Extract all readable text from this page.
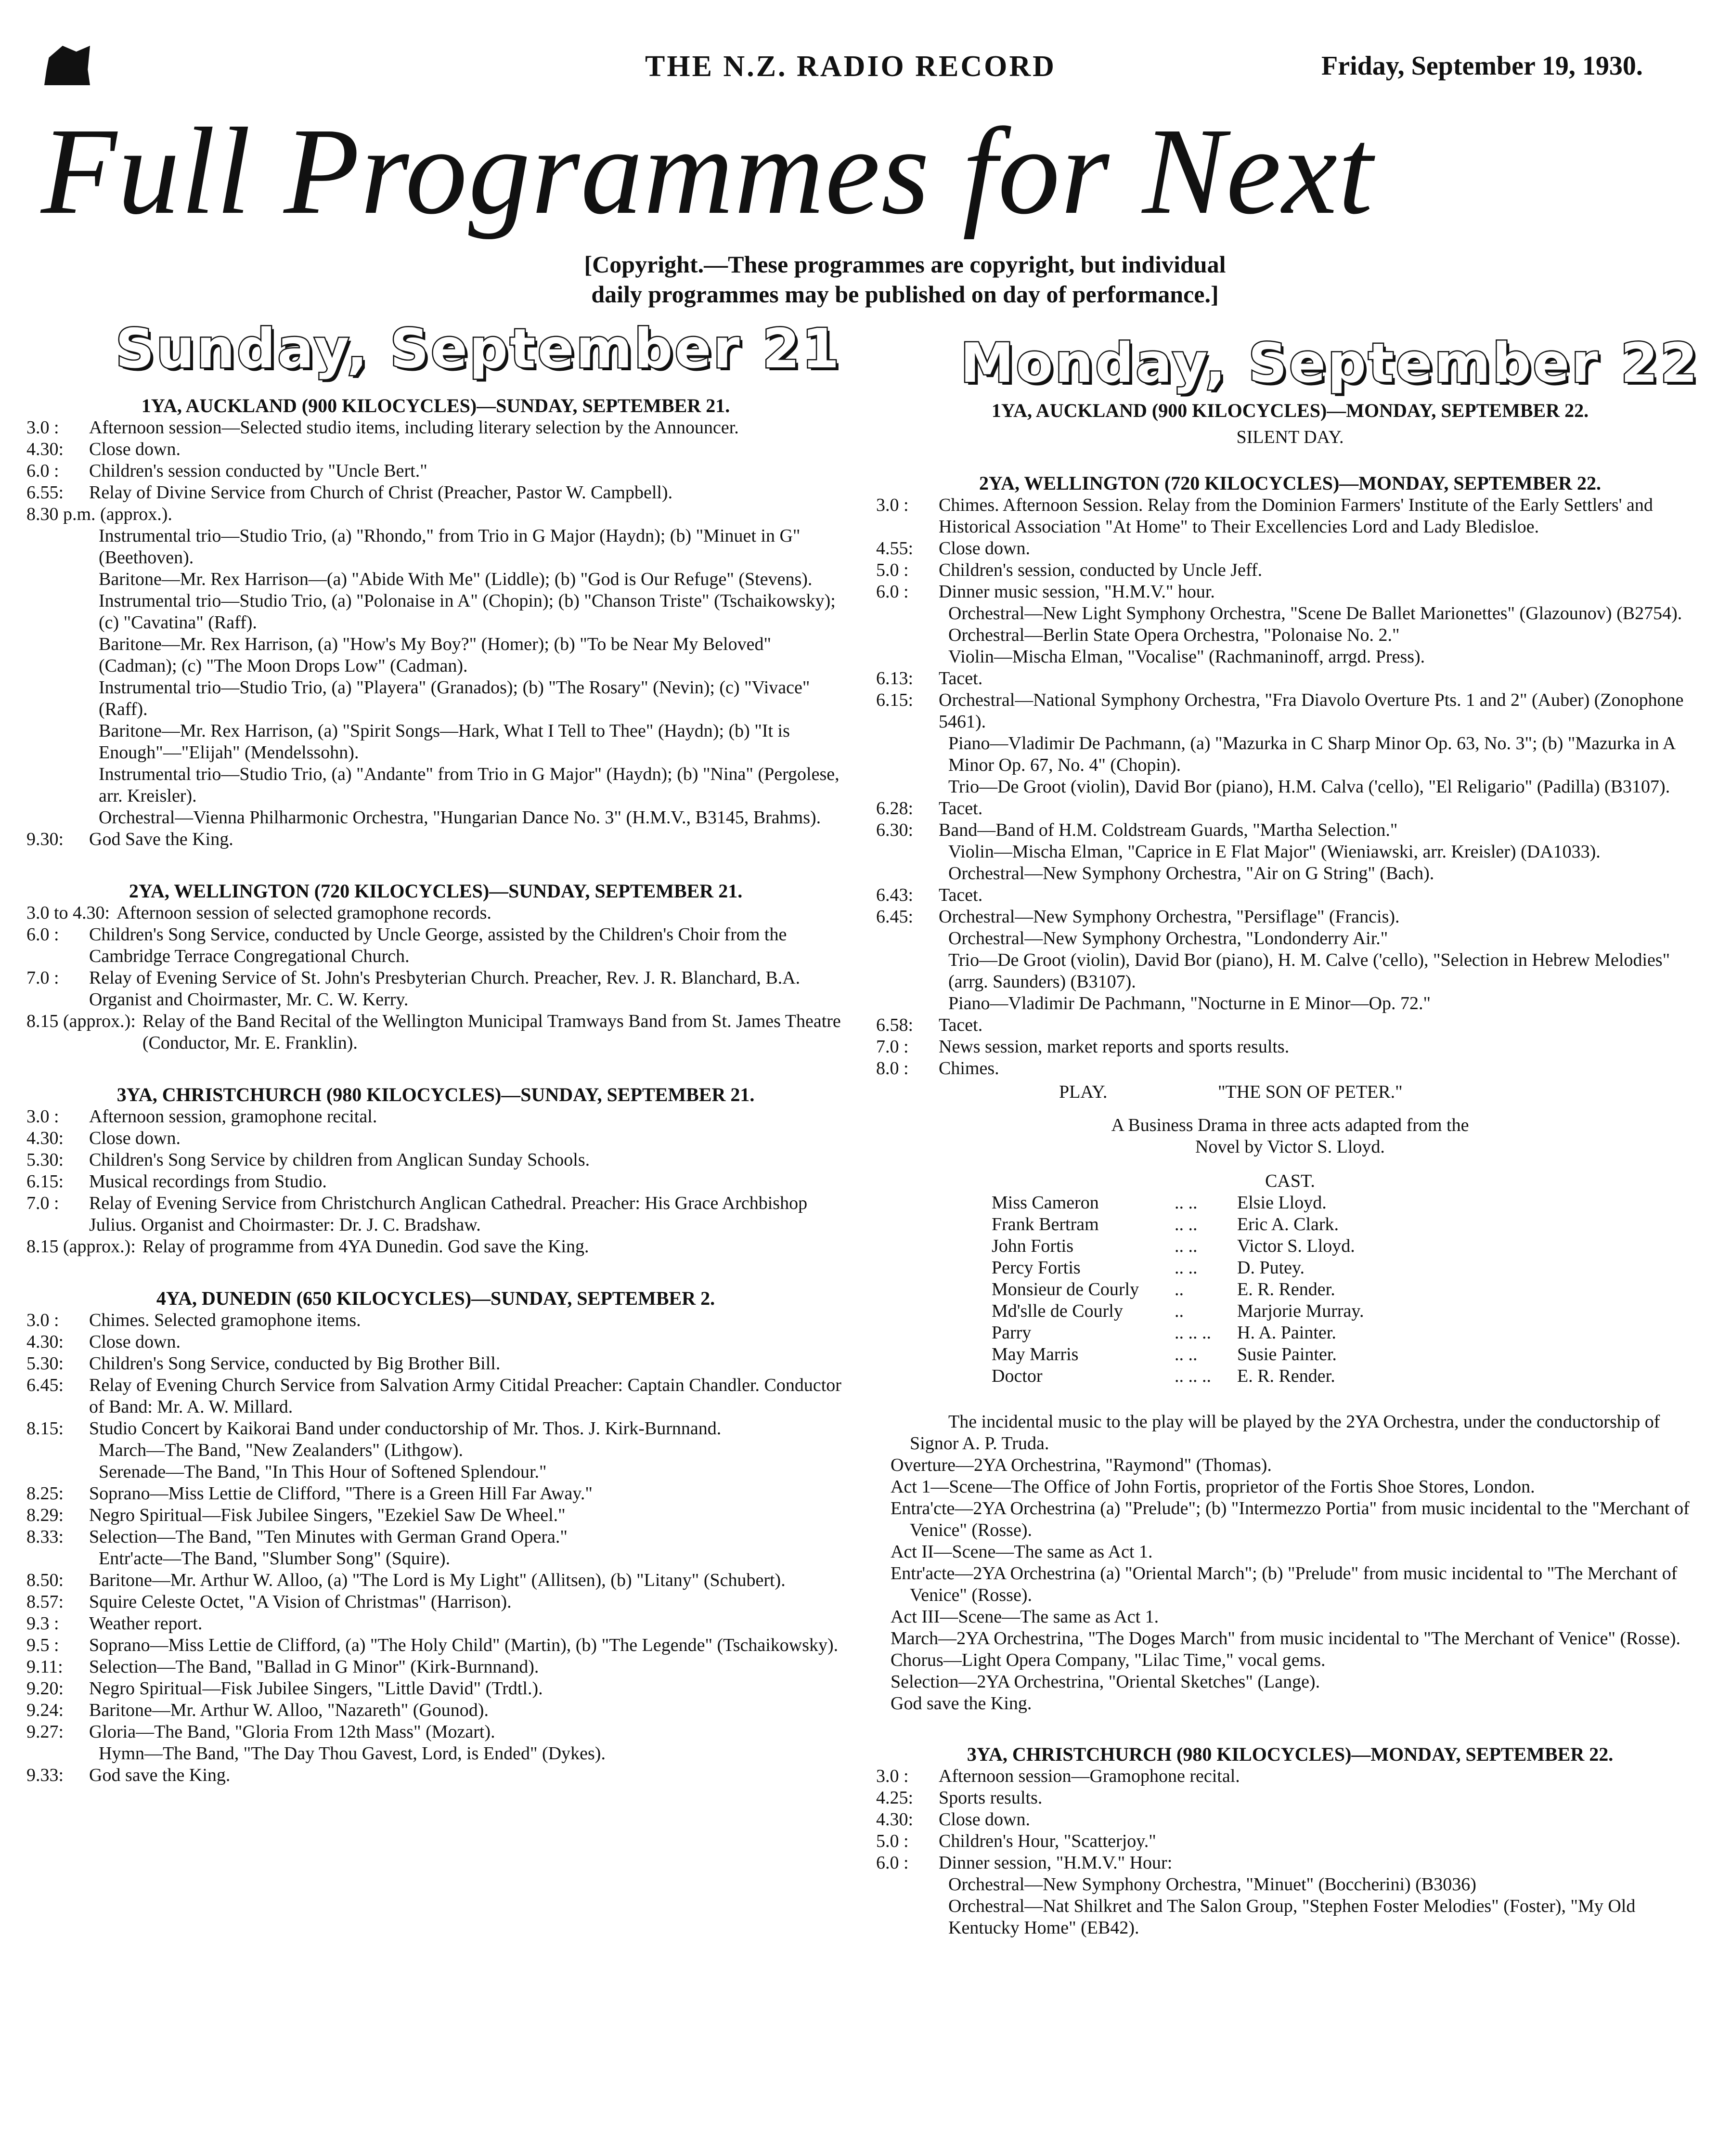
THE N.Z. RADIO RECORD	Friday, September 19, 1930.
Full Programmes for Next
[Copyright.—These programmes are copyright, but individual
daily programmes may be published on day of performance.]
Sunday, September 21 Monday, September 22

1YA, AUCKLAND (900 KILOCYCLES)—SUNDAY, SEPTEMBER 21.

3.0 :	Afternoon session—Selected studio items, including literary selection by the Announcer.
4.30:	Close down.
6.0 :	Children's session conducted by "Uncle Bert."
6.55:	Relay of Divine Service from Church of Christ (Preacher, Pastor W. Campbell).
8.30 p.m. (approx.).
Instrumental trio—Studio Trio, (a) "Rhondo," from Trio in G Major (Haydn); (b) "Minuet in G" (Beethoven).
Baritone—Mr. Rex Harrison—(a) "Abide With Me" (Liddle); (b) "God is Our Refuge" (Stevens).
Instrumental trio—Studio Trio, (a) "Polonaise in A" (Chopin); (b) "Chanson Triste" (Tschaikowsky); (c) "Cavatina" (Raff).
Baritone—Mr. Rex Harrison, (a) "How's My Boy?" (Homer); (b) "To be Near My Beloved" (Cadman); (c) "The Moon Drops Low" (Cadman).
Instrumental trio—Studio Trio, (a) "Playera" (Granados); (b) "The Rosary" (Nevin); (c) "Vivace" (Raff).
Baritone—Mr. Rex Harrison, (a) "Spirit Songs—Hark, What I Tell to Thee" (Haydn); (b) "It is Enough"—"Elijah" (Mendelssohn).
Instrumental trio—Studio Trio, (a) "Andante" from Trio in G Major" (Haydn); (b) "Nina" (Pergolese, arr. Kreisler).
Orchestral—Vienna Philharmonic Orchestra, "Hungarian Dance No. 3" (H.M.V., B3145, Brahms).
9.30:	God Save the King.

2YA, WELLINGTON (720 KILOCYCLES)—SUNDAY, SEPTEMBER 21.

3.0 to 4.30: Afternoon session of selected gramophone records.
6.0 :	Children's Song Service, conducted by Uncle George, assisted by the Children's Choir from the Cambridge Terrace Congregational Church.
7.0 :	Relay of Evening Service of St. John's Presbyterian Church. Preacher, Rev. J. R. Blanchard, B.A. Organist and Choirmaster, Mr. C. W. Kerry.
8.15 (approx.): Relay of the Band Recital of the Wellington Municipal Tramways Band from St. James Theatre (Conductor, Mr. E. Franklin).

3YA, CHRISTCHURCH (980 KILOCYCLES)—SUNDAY, SEPTEMBER 21.

3.0 :	Afternoon session, gramophone recital.
4.30:	Close down.
5.30:	Children's Song Service by children from Anglican Sunday Schools.
6.15:	Musical recordings from Studio.
7.0 :	Relay of Evening Service from Christchurch Anglican Cathedral. Preacher: His Grace Archbishop Julius. Organist and Choirmaster: Dr. J. C. Bradshaw.
8.15 (approx.): Relay of programme from 4YA Dunedin. God save the King.

4YA, DUNEDIN (650 KILOCYCLES)—SUNDAY, SEPTEMBER 2.

3.0 :	Chimes. Selected gramophone items.
4.30:	Close down.
5.30:	Children's Song Service, conducted by Big Brother Bill.
6.45:	Relay of Evening Church Service from Salvation Army Citidal Preacher: Captain Chandler. Conductor of Band: Mr. A. W. Millard.
8.15:	Studio Concert by Kaikorai Band under conductorship of Mr. Thos. J. Kirk-Burnnand.
March—The Band, "New Zealanders" (Lithgow).
Serenade—The Band, "In This Hour of Softened Splendour."
8.25:	Soprano—Miss Lettie de Clifford, "There is a Green Hill Far Away."
8.29:	Negro Spiritual—Fisk Jubilee Singers, "Ezekiel Saw De Wheel."
8.33:	Selection—The Band, "Ten Minutes with German Grand Opera."
Entr'acte—The Band, "Slumber Song" (Squire).
8.50:	Baritone—Mr. Arthur W. Alloo, (a) "The Lord is My Light" (Allitsen), (b) "Litany" (Schubert).
8.57:	Squire Celeste Octet, "A Vision of Christmas" (Harrison).
9.3 :	Weather report.
9.5 :	Soprano—Miss Lettie de Clifford, (a) "The Holy Child" (Martin), (b) "The Legende" (Tschaikowsky).
9.11:	Selection—The Band, "Ballad in G Minor" (Kirk-Burnnand).
9.20:	Negro Spiritual—Fisk Jubilee Singers, "Little David" (Trdtl.).
9.24:	Baritone—Mr. Arthur W. Alloo, "Nazareth" (Gounod).
9.27:	Gloria—The Band, "Gloria From 12th Mass" (Mozart).
Hymn—The Band, "The Day Thou Gavest, Lord, is Ended" (Dykes).
9.33:	God save the King.

1YA, AUCKLAND (900 KILOCYCLES)—MONDAY, SEPTEMBER 22.

SILENT DAY.

2YA, WELLINGTON (720 KILOCYCLES)—MONDAY, SEPTEMBER 22.

3.0 :	Chimes. Afternoon Session. Relay from the Dominion Farmers' Institute of the Early Settlers' and Historical Association "At Home" to Their Excellencies Lord and Lady Bledisloe.
4.55:	Close down.
5.0 :	Children's session, conducted by Uncle Jeff.
6.0 :	Dinner music session, "H.M.V." hour.
Orchestral—New Light Symphony Orchestra, "Scene De Ballet Marionettes" (Glazounov) (B2754).
Orchestral—Berlin State Opera Orchestra, "Polonaise No. 2."
Violin—Mischa Elman, "Vocalise" (Rachmaninoff, arrgd. Press).
6.13:	Tacet.
6.15:	Orchestral—National Symphony Orchestra, "Fra Diavolo Overture Pts. 1 and 2" (Auber) (Zonophone 5461).
Piano—Vladimir De Pachmann, (a) "Mazurka in C Sharp Minor Op. 63, No. 3"; (b) "Mazurka in A Minor Op. 67, No. 4" (Chopin).
Trio—De Groot (violin), David Bor (piano), H.M. Calva ('cello), "El Religario" (Padilla) (B3107).
6.28:	Tacet.
6.30:	Band—Band of H.M. Coldstream Guards, "Martha Selection."
Violin—Mischa Elman, "Caprice in E Flat Major" (Wieniawski, arr. Kreisler) (DA1033).
Orchestral—New Symphony Orchestra, "Air on G String" (Bach).
6.43:	Tacet.
6.45:	Orchestral—New Symphony Orchestra, "Persiflage" (Francis).
Orchestral—New Symphony Orchestra, "Londonderry Air."
Trio—De Groot (violin), David Bor (piano), H. M. Calve ('cello), "Selection in Hebrew Melodies" (arrg. Saunders) (B3107).
Piano—Vladimir De Pachmann, "Nocturne in E Minor—Op. 72."
6.58:	Tacet.
7.0 :	News session, market reports and sports results.
8.0 :	Chimes.
PLAY.	"THE SON OF PETER."
A Business Drama in three acts adapted from the
Novel by Victor S. Lloyd.
CAST.
Miss Cameron	.. ..	Elsie Lloyd.
Frank Bertram	.. ..	Eric A. Clark.
John Fortis	.. ..	Victor S. Lloyd.
Percy Fortis	.. ..	D. Putey.
Monsieur de Courly	..	E. R. Render.
Md'slle de Courly	..	Marjorie Murray.
Parry	.. .. ..	H. A. Painter.
May Marris	.. ..	Susie Painter.
Doctor	.. .. ..	E. R. Render.
The incidental music to the play will be played by the 2YA Orchestra, under the conductorship of Signor A. P. Truda.
Overture—2YA Orchestrina, "Raymond" (Thomas).
Act 1—Scene—The Office of John Fortis, proprietor of the Fortis Shoe Stores, London.
Entra'cte—2YA Orchestrina (a) "Prelude"; (b) "Intermezzo Portia" from music incidental to the "Merchant of Venice" (Rosse).
Act II—Scene—The same as Act 1.
Entr'acte—2YA Orchestrina (a) "Oriental March"; (b) "Prelude" from music incidental to "The Merchant of Venice" (Rosse).
Act III—Scene—The same as Act 1.
March—2YA Orchestrina, "The Doges March" from music incidental to "The Merchant of Venice" (Rosse).
Chorus—Light Opera Company, "Lilac Time," vocal gems.
Selection—2YA Orchestrina, "Oriental Sketches" (Lange).
God save the King.

3YA, CHRISTCHURCH (980 KILOCYCLES)—MONDAY, SEPTEMBER 22.

3.0 :	Afternoon session—Gramophone recital.
4.25:	Sports results.
4.30:	Close down.
5.0 :	Children's Hour, "Scatterjoy."
6.0 :	Dinner session, "H.M.V." Hour:
Orchestral—New Symphony Orchestra, "Minuet" (Boccherini) (B3036)
Orchestral—Nat Shilkret and The Salon Group, "Stephen Foster Melodies" (Foster), "My Old Kentucky Home" (EB42).
